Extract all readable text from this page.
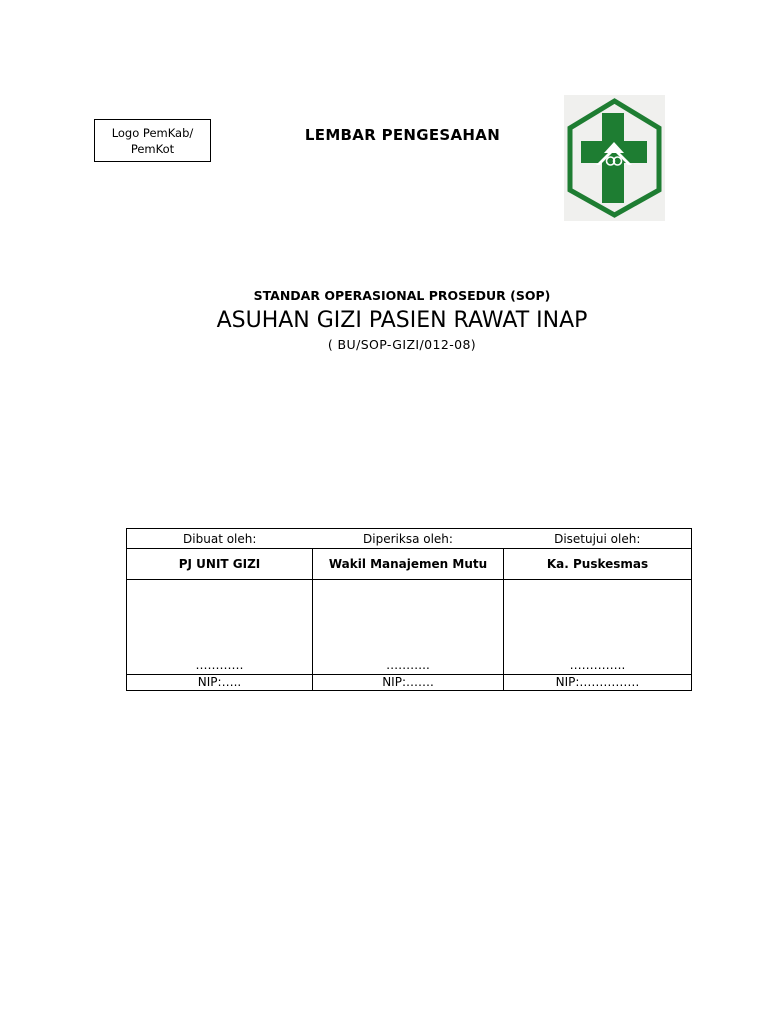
Logo PemKab/
PemKot
LEMBAR PENGESAHAN
STANDAR OPERASIONAL PROSEDUR (SOP)
ASUHAN GIZI PASIEN RAWAT INAP
( BU/SOP-GIZI/012-08)
Dibuat oleh:	Diperiksa oleh:	Disetujui oleh:
PJ UNIT GIZI	Wakil Manajemen Mutu	Ka. Puskesmas
…………	………..	…………..
NIP:…..	NIP:…….	NIP:……………
